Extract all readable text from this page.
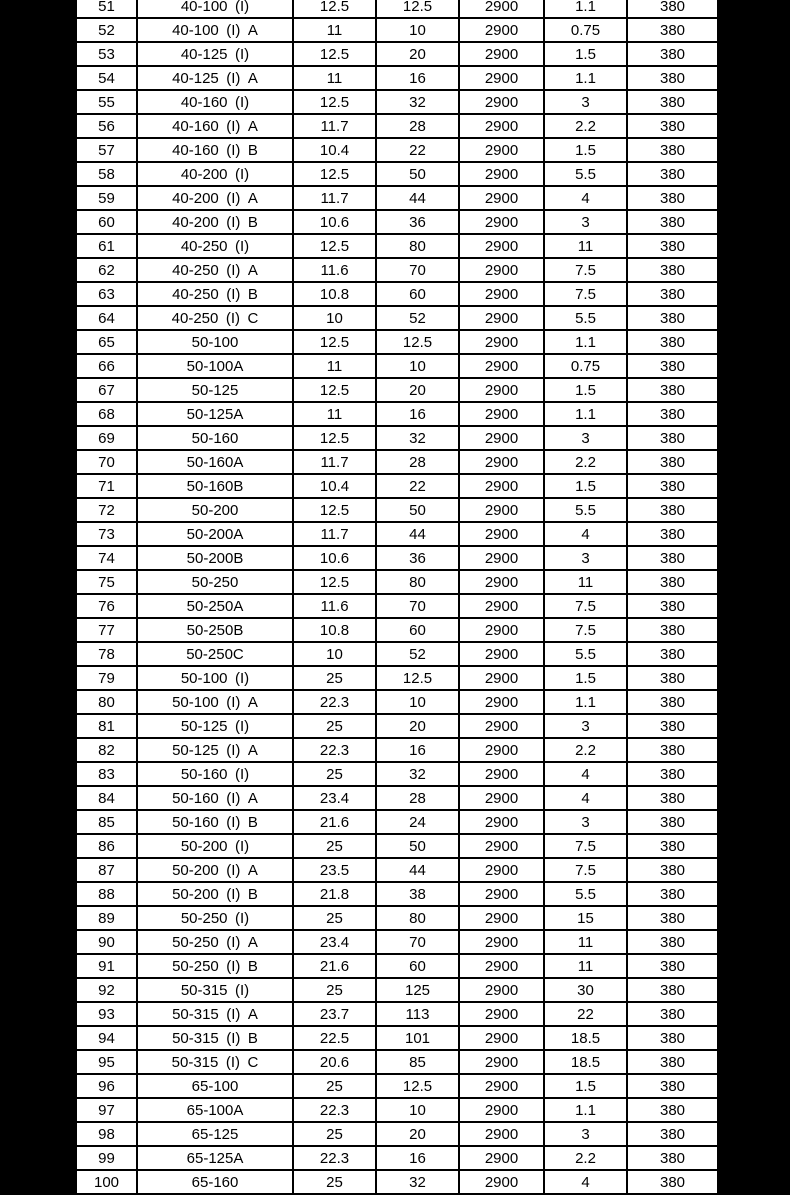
51	40-100 (I)	12.5	12.5	2900	1.1	380
52	40-100 (I) A	11	10	2900	0.75	380
53	40-125 (I)	12.5	20	2900	1.5	380
54	40-125 (I) A	11	16	2900	1.1	380
55	40-160 (I)	12.5	32	2900	3	380
56	40-160 (I) A	11.7	28	2900	2.2	380
57	40-160 (I) B	10.4	22	2900	1.5	380
58	40-200 (I)	12.5	50	2900	5.5	380
59	40-200 (I) A	11.7	44	2900	4	380
60	40-200 (I) B	10.6	36	2900	3	380
61	40-250 (I)	12.5	80	2900	11	380
62	40-250 (I) A	11.6	70	2900	7.5	380
63	40-250 (I) B	10.8	60	2900	7.5	380
64	40-250 (I) C	10	52	2900	5.5	380
65	50-100	12.5	12.5	2900	1.1	380
66	50-100A	11	10	2900	0.75	380
67	50-125	12.5	20	2900	1.5	380
68	50-125A	11	16	2900	1.1	380
69	50-160	12.5	32	2900	3	380
70	50-160A	11.7	28	2900	2.2	380
71	50-160B	10.4	22	2900	1.5	380
72	50-200	12.5	50	2900	5.5	380
73	50-200A	11.7	44	2900	4	380
74	50-200B	10.6	36	2900	3	380
75	50-250	12.5	80	2900	11	380
76	50-250A	11.6	70	2900	7.5	380
77	50-250B	10.8	60	2900	7.5	380
78	50-250C	10	52	2900	5.5	380
79	50-100 (I)	25	12.5	2900	1.5	380
80	50-100 (I) A	22.3	10	2900	1.1	380
81	50-125 (I)	25	20	2900	3	380
82	50-125 (I) A	22.3	16	2900	2.2	380
83	50-160 (I)	25	32	2900	4	380
84	50-160 (I) A	23.4	28	2900	4	380
85	50-160 (I) B	21.6	24	2900	3	380
86	50-200 (I)	25	50	2900	7.5	380
87	50-200 (I) A	23.5	44	2900	7.5	380
88	50-200 (I) B	21.8	38	2900	5.5	380
89	50-250 (I)	25	80	2900	15	380
90	50-250 (I) A	23.4	70	2900	11	380
91	50-250 (I) B	21.6	60	2900	11	380
92	50-315 (I)	25	125	2900	30	380
93	50-315 (I) A	23.7	113	2900	22	380
94	50-315 (I) B	22.5	101	2900	18.5	380
95	50-315 (I) C	20.6	85	2900	18.5	380
96	65-100	25	12.5	2900	1.5	380
97	65-100A	22.3	10	2900	1.1	380
98	65-125	25	20	2900	3	380
99	65-125A	22.3	16	2900	2.2	380
100	65-160	25	32	2900	4	380
